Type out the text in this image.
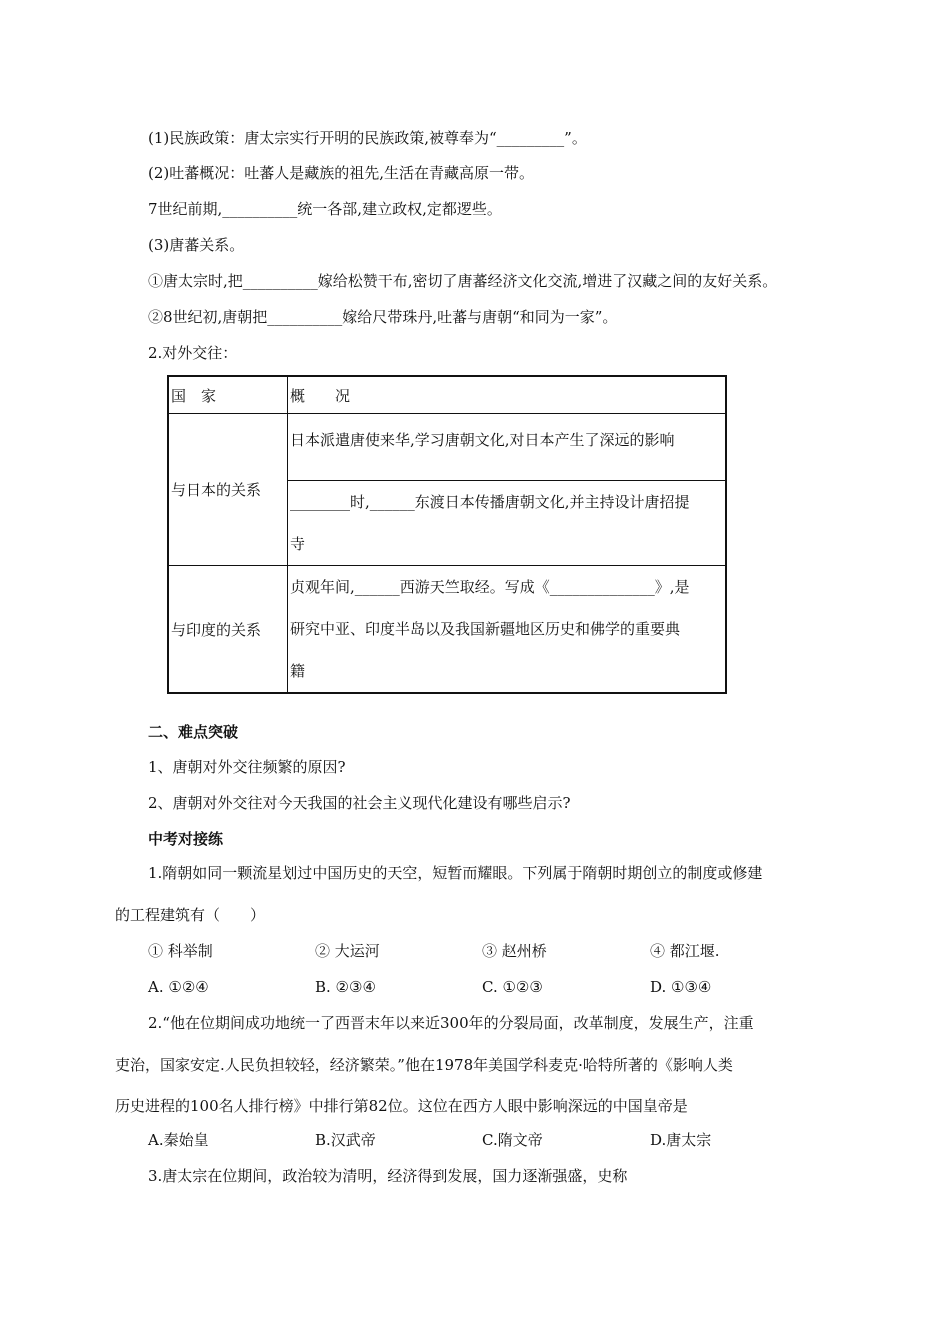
(1)民族政策：唐太宗实行开明的民族政策,被尊奉为“_________”。
(2)吐蕃概况：吐蕃人是藏族的祖先,生活在青藏高原一带。
7世纪前期,__________统一各部,建立政权,定都逻些。
(3)唐蕃关系。
①唐太宗时,把__________嫁给松赞干布,密切了唐蕃经济文化交流,增进了汉藏之间的友好关系。
②8世纪初,唐朝把__________嫁给尺带珠丹,吐蕃与唐朝“和同为一家”。
2.对外交往：
国　家	概　　况
与日本的关系	日本派遣唐使来华,学习唐朝文化,对日本产生了深远的影响

	________时,______东渡日本传播唐朝文化,并主持设计唐招提
寺

与印度的关系	贞观年间,______西游天竺取经。写成《______________》,是
研究中亚、印度半岛以及我国新疆地区历史和佛学的重要典
籍
二、难点突破
1、唐朝对外交往频繁的原因?
2、唐朝对外交往对今天我国的社会主义现代化建设有哪些启示?
中考对接练
1.隋朝如同一颗流星划过中国历史的天空，短暂而耀眼。下列属于隋朝时期创立的制度或修建
的工程建筑有（　　）
① 科举制	② 大运河	③ 赵州桥	④ 都江堰.
A. ①②④	B. ②③④	C. ①②③	D. ①③④
2.“他在位期间成功地统一了西晋末年以来近300年的分裂局面，改革制度，发展生产，注重
吏治，国家安定.人民负担较轻，经济繁荣。”他在1978年美国学科麦克·哈特所著的《影响人类
历史进程的100名人排行榜》中排行第82位。这位在西方人眼中影响深远的中国皇帝是
A.秦始皇	B.汉武帝	C.隋文帝	D.唐太宗
3.唐太宗在位期间，政治较为清明，经济得到发展，国力逐渐强盛，史称
